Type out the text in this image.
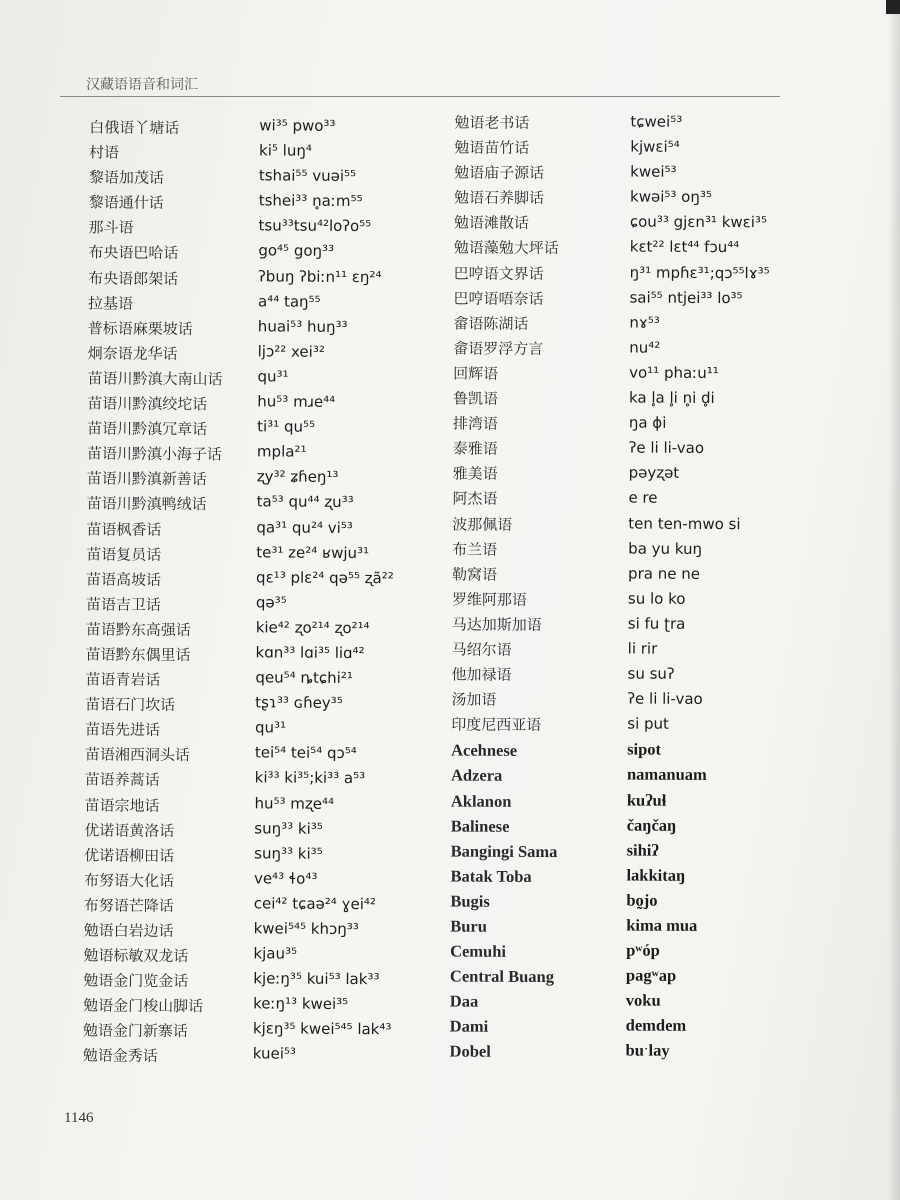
汉藏语语音和词汇
白俄语丫塘话
村语
黎语加茂话
黎语通什话
那斗语
布央语巴哈话
布央语郎架话
拉基语
普标语麻栗坡话
炯奈语龙华话
苗语川黔滇大南山话
苗语川黔滇绞坨话
苗语川黔滇冗章话
苗语川黔滇小海子话
苗语川黔滇新善话
苗语川黔滇鸭绒话
苗语枫香话
苗语复员话
苗语高坡话
苗语吉卫话
苗语黔东高强话
苗语黔东偶里话
苗语青岩话
苗语石门坎话
苗语先进话
苗语湘西洞头话
苗语养蒿话
苗语宗地话
优诺语黄洛话
优诺语柳田话
布努语大化话
布努语芒降话
勉语白岩边话
勉语标敏双龙话
勉语金门览金话
勉语金门梭山脚话
勉语金门新寨话
勉语金秀话
wi³⁵ pwo³³
ki⁵ luŋ⁴
tshai⁵⁵ vuəi⁵⁵
tshei³³ n̥aːm⁵⁵
tsu³³tsu⁴²loʔo⁵⁵
go⁴⁵ goŋ³³
ʔbuŋ ʔbiːn¹¹ ɛŋ²⁴
a⁴⁴ taŋ⁵⁵
huai⁵³ huŋ³³
ljɔ²² xei³²
qu³¹
hu⁵³ mɹe⁴⁴
ti³¹ qu⁵⁵
mpla²¹
ʐy³² ʑɦeŋ¹³
ta⁵³ qu⁴⁴ ʐu³³
qa³¹ qu²⁴ vi⁵³
te³¹ ze²⁴ ʁwju³¹
qɛ¹³ plɛ²⁴ qə⁵⁵ ʐã²²
qə³⁵
kie⁴² ʐo²¹⁴ ʐo²¹⁴
kɑn³³ lɑi³⁵ liɑ⁴²
qeu⁵⁴ ȵtɕhi²¹
tʂɿ³³ ɢɦey³⁵
qu³¹
tei⁵⁴ tei⁵⁴ qɔ⁵⁴
ki³³ ki³⁵;ki³³ a⁵³
hu⁵³ mʐe⁴⁴
suŋ³³ ki³⁵
suŋ³³ ki³⁵
ve⁴³ ɬo⁴³
cei⁴² tɕaə²⁴ ɣei⁴²
kwei⁵⁴⁵ khɔŋ³³
kjau³⁵
kjeːŋ³⁵ kui⁵³ lak³³
keːŋ¹³ kwei³⁵
kjɛŋ³⁵ kwei⁵⁴⁵ lak⁴³
kuei⁵³
勉语老书话
勉语苗竹话
勉语庙子源话
勉语石养脚话
勉语滩散话
勉语藻勉大坪话
巴哼语文界话
巴哼语唔奈话
畲语陈湖话
畲语罗浮方言
回辉语
鲁凯语
排湾语
泰雅语
雅美语
阿杰语
波那佩语
布兰语
勒窝语
罗维阿那语
马达加斯加语
马绍尔语
他加禄语
汤加语
印度尼西亚语
Acehnese
Adzera
Aklanon
Balinese
Bangingi Sama
Batak Toba
Bugis
Buru
Cemuhi
Central Buang
Daa
Dami
Dobel
tɕwei⁵³
kjwɛi⁵⁴
kwei⁵³
kwəi⁵³ oŋ³⁵
ɕou³³ gjɛn³¹ kwɛi³⁵
kɛt²² lɛt⁴⁴ fɔu⁴⁴
ŋ³¹ mpɦɛ³¹;qɔ⁵⁵lɤ³⁵
sai⁵⁵ ntjei³³ lo³⁵
nɤ⁵³
nu⁴²
vo¹¹ phaːu¹¹
ka l̥a l̥i n̥i d̥i
ŋa ɸi
ʔe li li-vao
pəyʐət
e re
ten ten-mwo si
ba yu kuŋ
pra ne ne
su lo ko
si fu ʈra
li rir
su suʔ
ʔe li li-vao
si put
sipot
namanuam
kuʔuɬ
čaŋčaŋ
sihiʔ
lakkitaŋ
bo̰jo
kima mua
pʷóp
pagʷap
voku
demdem
buˑlay
1146
